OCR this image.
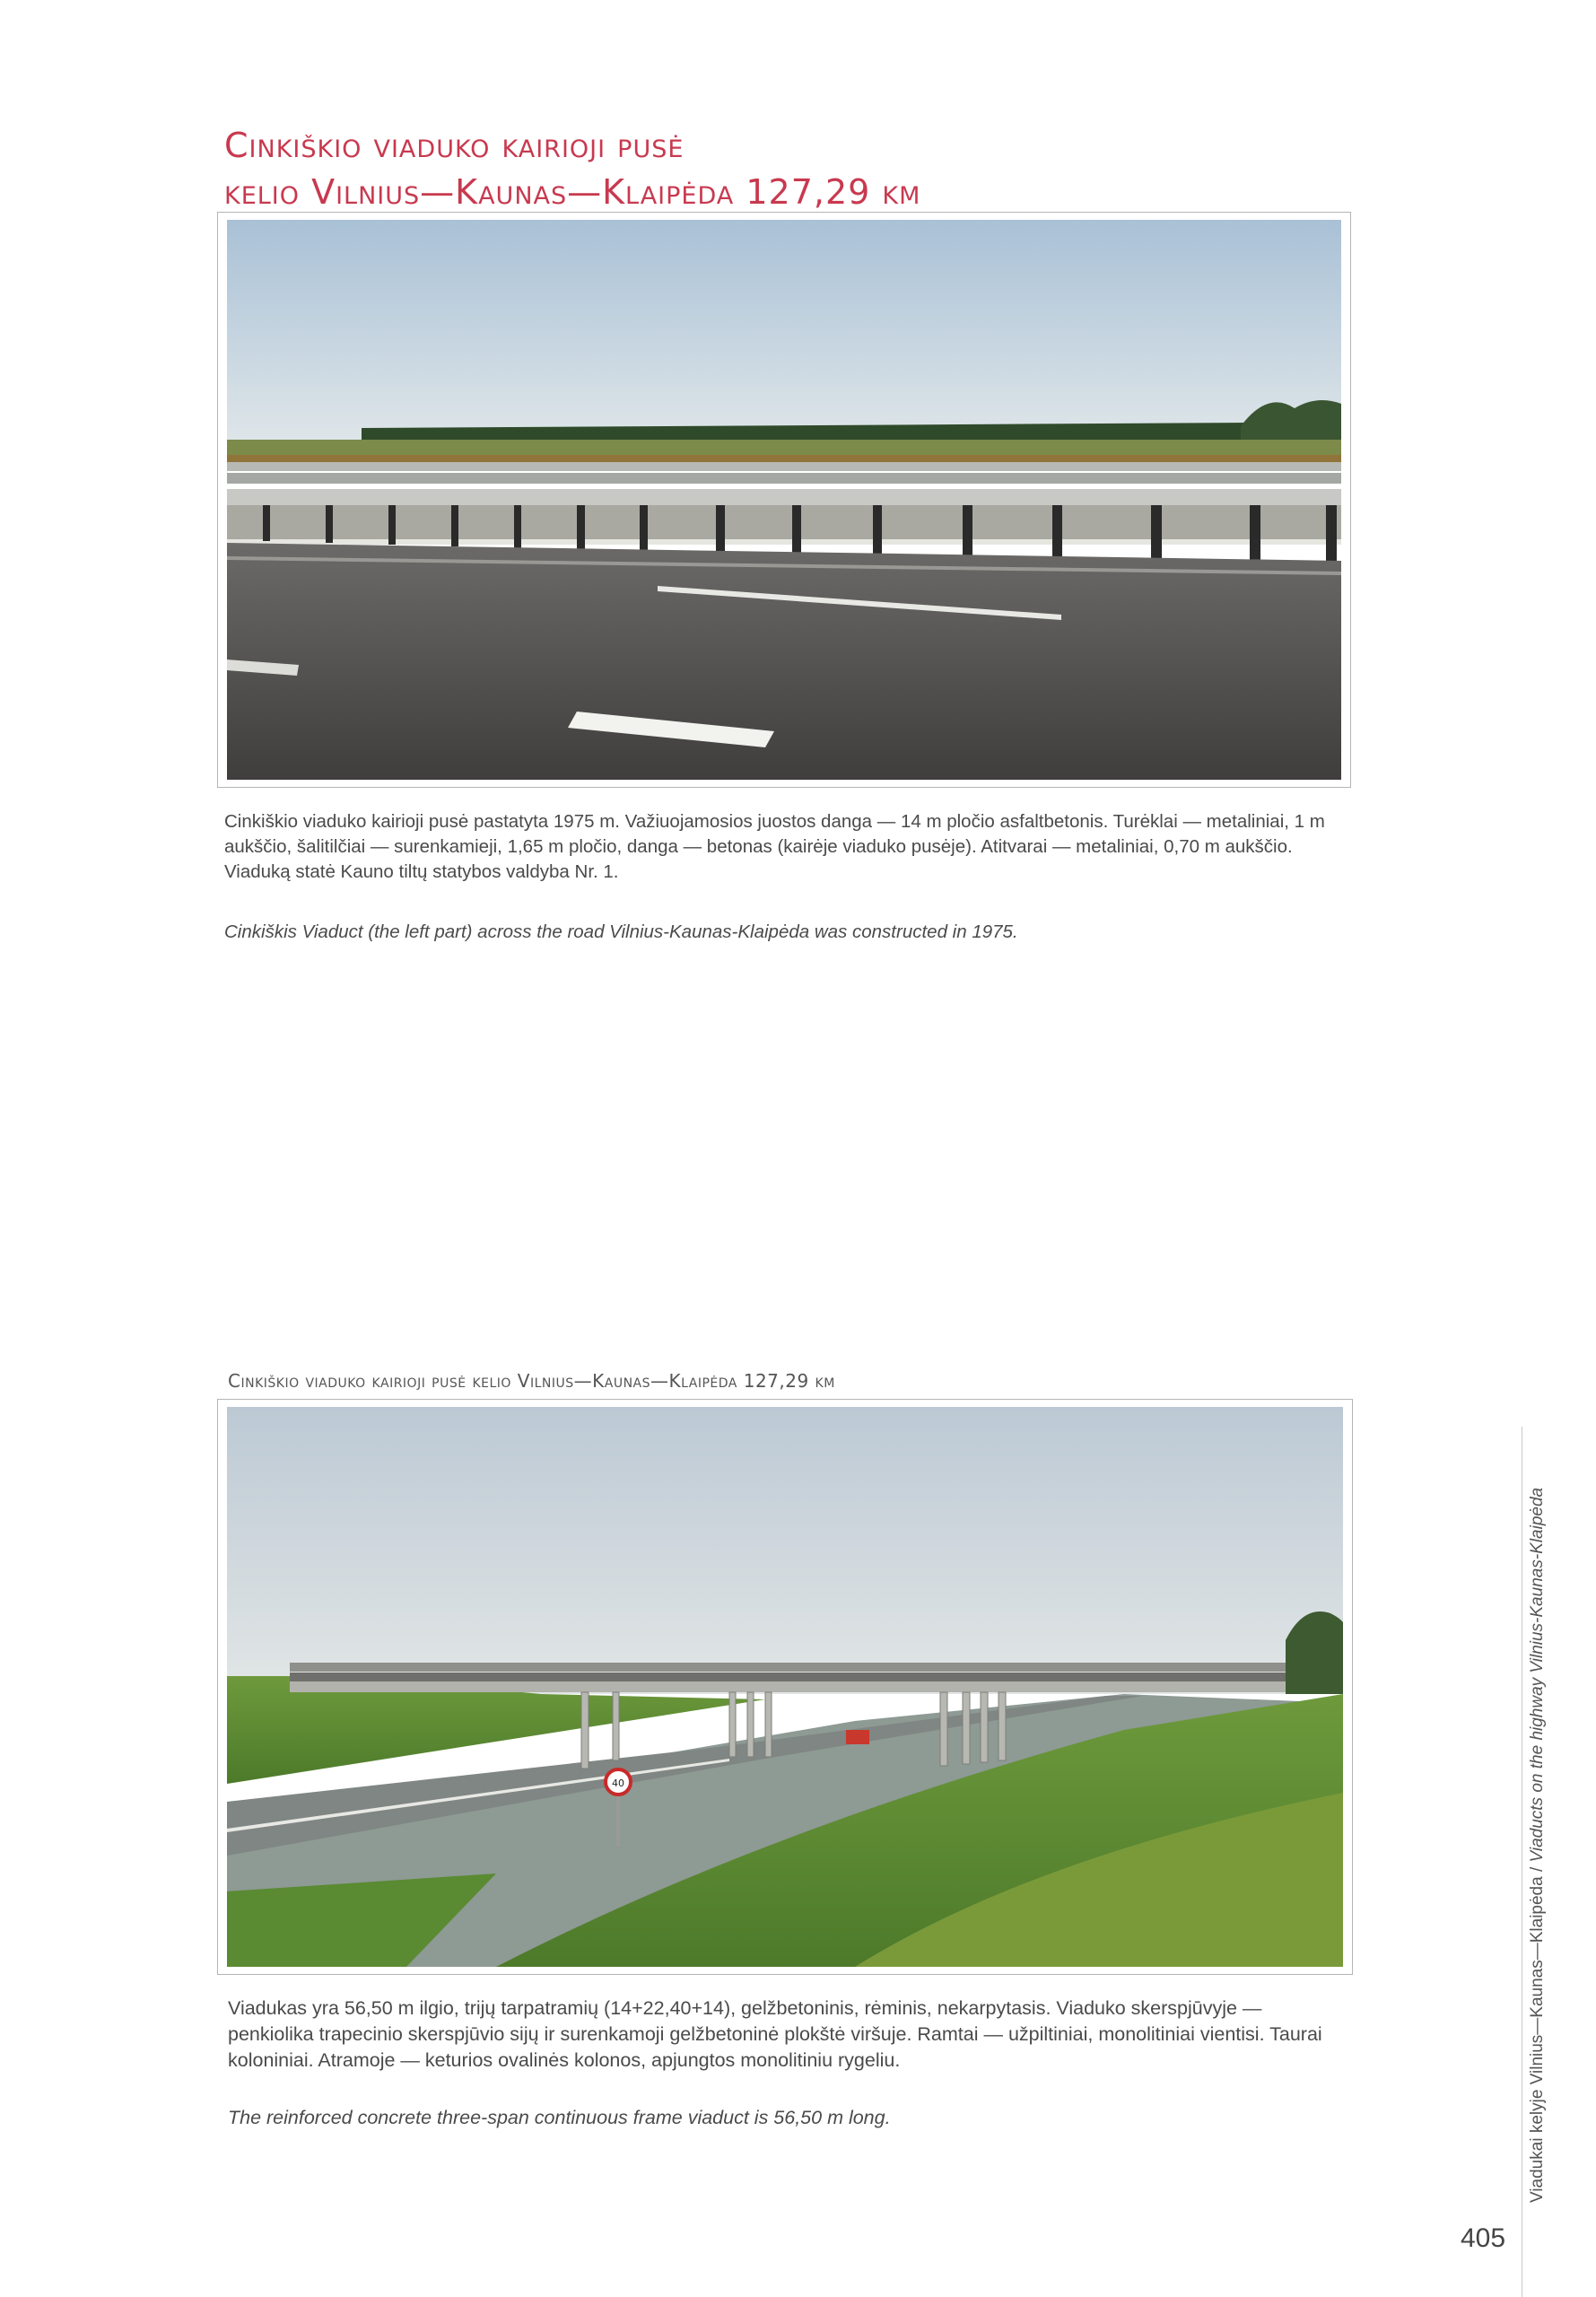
Cinkiškio viaduko kairioji pusė
kelio Vilnius—Kaunas—Klaipėda 127,29 km
Cinkiškio viaduko kairioji pusė pastatyta 1975 m. Važiuojamosios juostos danga — 14 m pločio asfaltbetonis. Turėklai — metaliniai, 1 m aukščio, šalitilčiai — surenkamieji, 1,65 m pločio, danga — betonas (kairėje viaduko pusėje). Atitvarai — metaliniai, 0,70 m aukščio. Viaduką statė Kauno tiltų statybos valdyba Nr. 1.
Cinkiškis Viaduct (the left part) across the road Vilnius-Kaunas-Klaipėda was constructed in 1975.
Cinkiškio viaduko kairioji pusė kelio Vilnius—Kaunas—Klaipėda 127,29 km
40
Viadukas yra 56,50 m ilgio, trijų tarpatramių (14+22,40+14), gelžbetoninis, rėminis, nekarpytasis. Viaduko skerspjūvyje — penkiolika trapecinio skerspjūvio sijų ir surenkamoji gelžbetoninė plokštė viršuje. Ramtai — užpiltiniai, monolitiniai vientisi. Taurai koloniniai. Atramoje — keturios ovalinės kolonos, apjungtos monolitiniu rygeliu.
The reinforced concrete three-span continuous frame viaduct is 56,50 m long.	Viadukai kelyje Vilnius—Kaunas—Klaipėda / Viaducts on the highway Vilnius-Kaunas-Klaipėda
405
